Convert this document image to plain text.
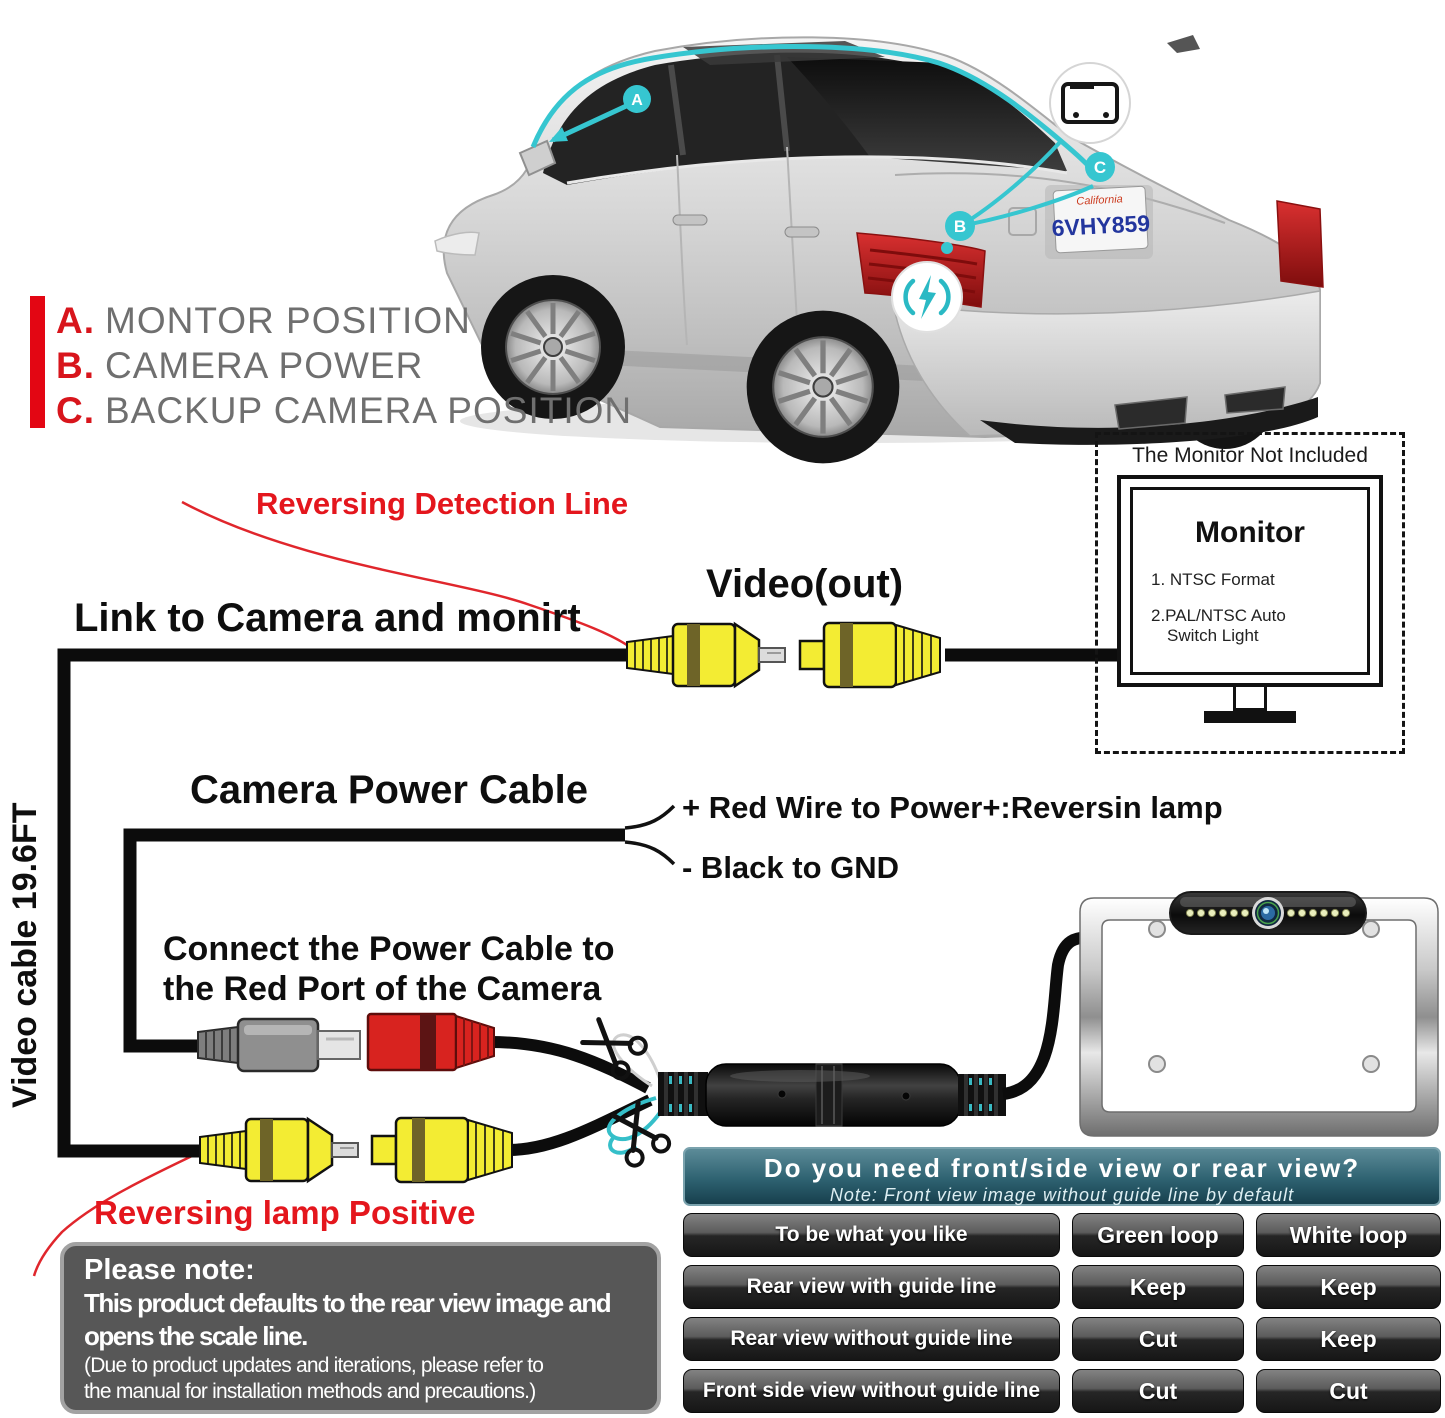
California
6VHY859
A
B
C
A. MONTOR POSITION
B. CAMERA POWER
C. BACKUP CAMERA POSITION
Reversing Detection Line
Link to Camera and monirt
Video(out)
Video cable 19.6FT
Camera Power Cable	+ Red Wire to Power+:Reversin lamp
- Black to GND
Connect the Power Cable to
the Red Port of the Camera
Reversing lamp Positive
The Monitor Not Included
Monitor
1. NTSC Format
2.PAL/NTSC Auto
Switch Light
Please note:
This product defaults to the rear view image and
opens the scale line.
(Due to product updates and iterations, please refer to
the manual for installation methods and precautions.)
Do you need front/side view or rear view?
Note: Front view image without guide line by default
To be what you like	Green loop	White loop
Rear view with guide line	Keep	Keep
Rear view without guide line	Cut	Keep
Front side view without guide line	Cut	Cut
